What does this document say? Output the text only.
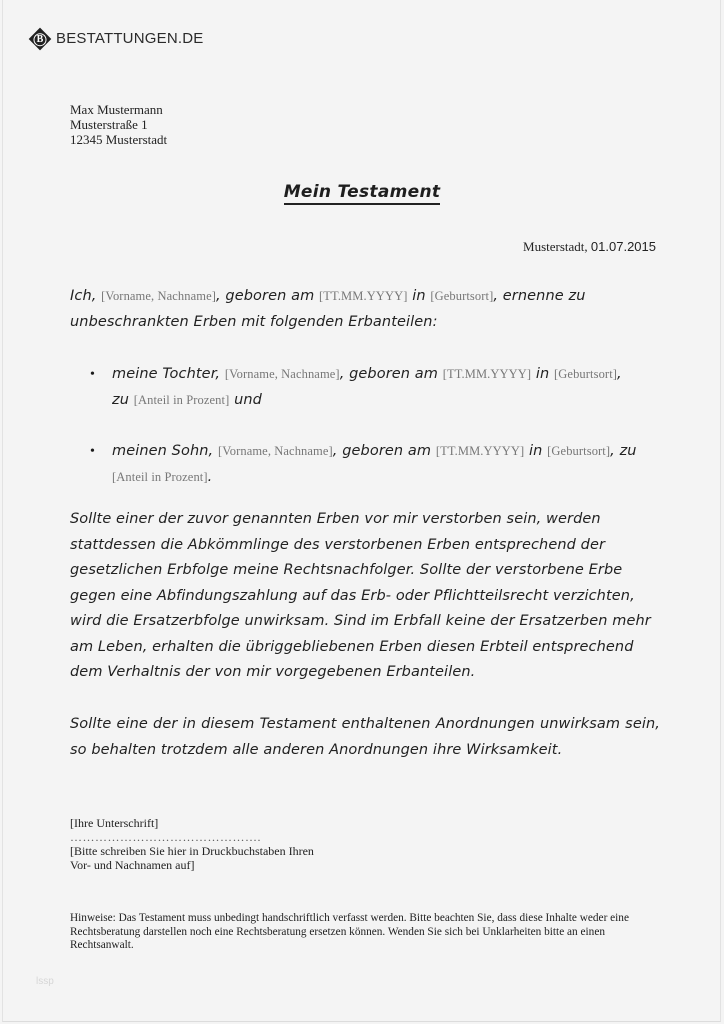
B BESTATTUNGEN.DE
Max Mustermann
Musterstraße 1
12345 Musterstadt
Mein Testament
Musterstadt, 01.07.2015
Ich, [Vorname, Nachname], geboren am [TT.MM.YYYY] in [Geburtsort], ernenne zu unbeschrankten Erben mit folgenden Erbanteilen:
•	meine Tochter, [Vorname, Nachname], geboren am [TT.MM.YYYY] in [Geburtsort],
zu [Anteil in Prozent] und
•	meinen Sohn, [Vorname, Nachname], geboren am [TT.MM.YYYY] in [Geburtsort], zu
[Anteil in Prozent].
Sollte einer der zuvor genannten Erben vor mir verstorben sein, werden stattdessen die Abkömmlinge des verstorbenen Erben entsprechend der gesetzlichen Erbfolge meine Rechtsnachfolger. Sollte der verstorbene Erbe gegen eine Abfindungszahlung auf das Erb- oder Pflichtteilsrecht verzichten, wird die Ersatzerbfolge unwirksam. Sind im Erbfall keine der Ersatzerben mehr am Leben, erhalten die übriggebliebenen Erben diesen Erbteil entsprechend dem Verhaltnis der von mir vorgegebenen Erbanteilen.
Sollte eine der in diesem Testament enthaltenen Anordnungen unwirksam sein, so behalten trotzdem alle anderen Anordnungen ihre Wirksamkeit.
[Ihre Unterschrift]
……………………………………….
[Bitte schreiben Sie hier in Druckbuchstaben Ihren
Vor- und Nachnamen auf]
Hinweise: Das Testament muss unbedingt handschriftlich verfasst werden. Bitte beachten Sie, dass diese Inhalte weder eine Rechtsberatung darstellen noch eine Rechtsberatung ersetzen können. Wenden Sie sich bei Unklarheiten bitte an einen Rechtsanwalt.
lssp
